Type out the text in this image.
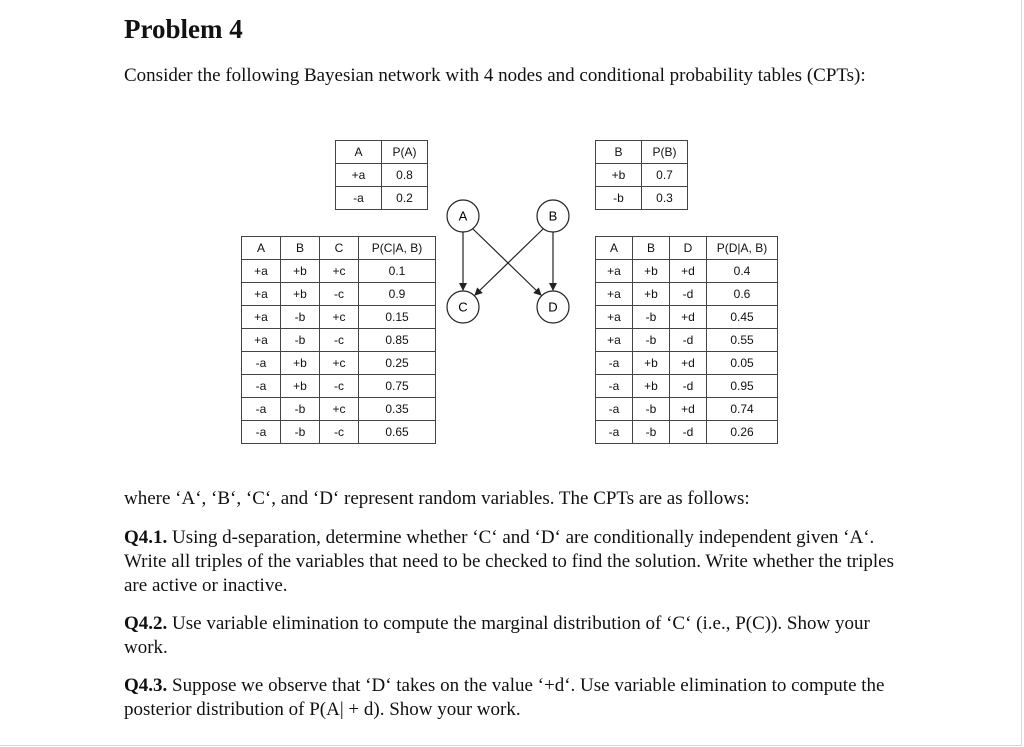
Problem 4

Consider the following Bayesian network with 4 nodes and conditional probability tables (CPTs):

A	P(A)
+a	0.8
-a	0.2
B	P(B)
+b	0.7
-b	0.3
A	B	C	P(C|A, B)
+a	+b	+c	0.1
+a	+b	-c	0.9
+a	-b	+c	0.15
+a	-b	-c	0.85
-a	+b	+c	0.25
-a	+b	-c	0.75
-a	-b	+c	0.35
-a	-b	-c	0.65
A	B
C	D
A	B	D	P(D|A, B)
+a	+b	+d	0.4
+a	+b	-d	0.6
+a	-b	+d	0.45
+a	-b	-d	0.55
-a	+b	+d	0.05
-a	+b	-d	0.95
-a	-b	+d	0.74
-a	-b	-d	0.26

where ‘A‘, ‘B‘, ‘C‘, and ‘D‘ represent random variables. The CPTs are as follows:

Q4.1. Using d-separation, determine whether ‘C‘ and ‘D‘ are conditionally independent given ‘A‘. Write all triples of the variables that need to be checked to find the solution. Write whether the triples are active or inactive.

Q4.2. Use variable elimination to compute the marginal distribution of ‘C‘ (i.e., P(C)). Show your work.

Q4.3. Suppose we observe that ‘D‘ takes on the value ‘+d‘. Use variable elimination to compute the posterior distribution of P(A| + d). Show your work.
